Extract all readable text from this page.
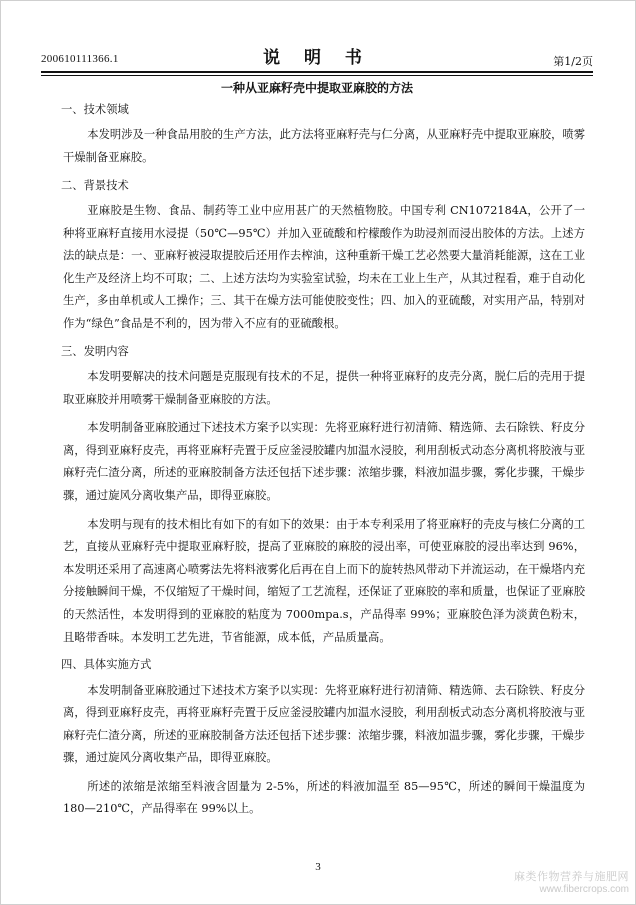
200610111366.1	说 明 书	第1/2页
一种从亚麻籽壳中提取亚麻胶的方法
一、技术领域

本发明涉及一种食品用胶的生产方法，此方法将亚麻籽壳与仁分离，从亚麻籽壳中提取亚麻胶，喷雾干燥制备亚麻胶。

二、背景技术

亚麻胶是生物、食品、制药等工业中应用甚广的天然植物胶。中国专利 CN1072184A，公开了一种将亚麻籽直接用水浸提（50℃—95℃）并加入亚硫酸和柠檬酸作为助浸剂而浸出胶体的方法。上述方法的缺点是：一、亚麻籽被浸取提胶后还用作去榨油，这种重新干燥工艺必然要大量消耗能源，这在工业化生产及经济上均不可取；二、上述方法均为实验室试验，均未在工业上生产，从其过程看，难于自动化生产，多由单机或人工操作；三、其干在燥方法可能使胶变性；四、加入的亚硫酸，对实用产品，特别对作为“绿色”食品是不利的，因为带入不应有的亚硫酸根。

三、发明内容

本发明要解决的技术问题是克服现有技术的不足，提供一种将亚麻籽的皮壳分离，脱仁后的壳用于提取亚麻胶并用喷雾干燥制备亚麻胶的方法。

本发明制备亚麻胶通过下述技术方案予以实现：先将亚麻籽进行初清筛、精选筛、去石除铁、籽皮分离，得到亚麻籽皮壳，再将亚麻籽壳置于反应釜浸胶罐内加温水浸胶，利用刮板式动态分离机将胶液与亚麻籽壳仁渣分离，所述的亚麻胶制备方法还包括下述步骤：浓缩步骤，料液加温步骤，雾化步骤，干燥步骤，通过旋风分离收集产品，即得亚麻胶。

本发明与现有的技术相比有如下的有如下的效果：由于本专利采用了将亚麻籽的壳皮与核仁分离的工艺，直接从亚麻籽壳中提取亚麻籽胶，提高了亚麻胶的麻胶的浸出率，可使亚麻胶的浸出率达到 96%，本发明还采用了高速离心喷雾法先将料液雾化后再在自上而下的旋转热风带动下并流运动，在干燥塔内充分接触瞬间干燥，不仅缩短了干燥时间，缩短了工艺流程，还保证了亚麻胶的率和质量，也保证了亚麻胶的天然活性，本发明得到的亚麻胶的粘度为 7000mpa.s，产品得率 99%；亚麻胶色泽为淡黄色粉末，且略带香味。本发明工艺先进，节省能源，成本低，产品质量高。

四、具体实施方式

本发明制备亚麻胶通过下述技术方案予以实现：先将亚麻籽进行初清筛、精选筛、去石除铁、籽皮分离，得到亚麻籽皮壳，再将亚麻籽壳置于反应釜浸胶罐内加温水浸胶，利用刮板式动态分离机将胶液与亚麻籽壳仁渣分离，所述的亚麻胶制备方法还包括下述步骤：浓缩步骤，料液加温步骤，雾化步骤，干燥步骤，通过旋风分离收集产品，即得亚麻胶。

所述的浓缩是浓缩至料液含固量为 2-5%，所述的料液加温至 85—95℃，所述的瞬间干燥温度为 180—210℃，产品得率在 99%以上。

3
麻类作物营养与施肥网
www.fibercrops.com
